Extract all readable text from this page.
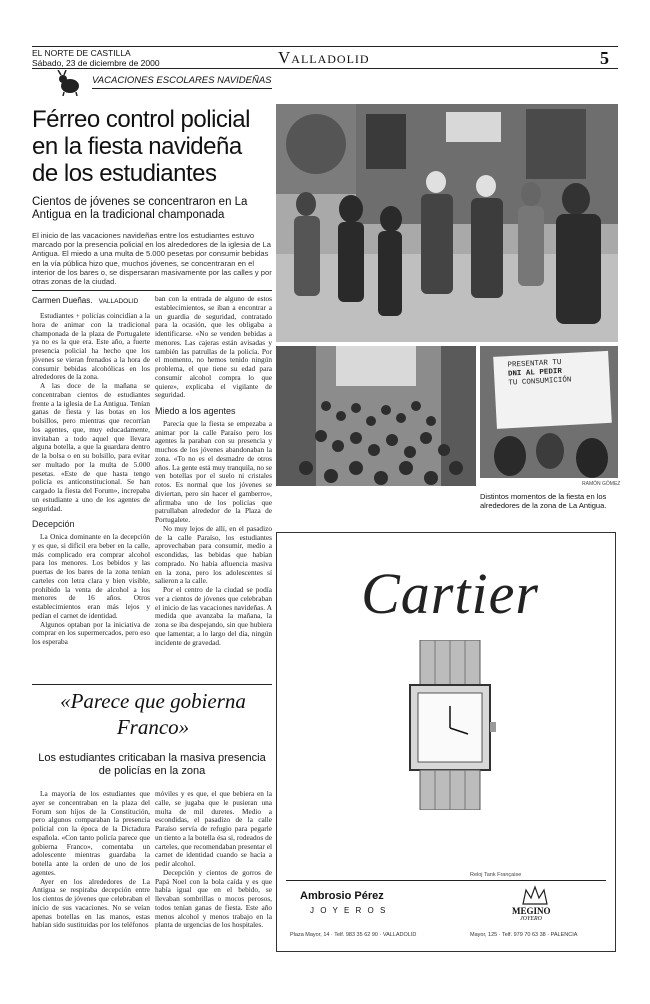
EL NORTE DE CASTILLA
Sábado, 23 de diciembre de 2000	Valladolid	5
VACACIONES ESCOLARES NAVIDEÑAS
Férreo control policial en la fiesta navideña de los estudiantes
Cientos de jóvenes se concentraron en La Antigua en la tradicional champonada
El inicio de las vacaciones navideñas entre los estudiantes estuvo marcado por la presencia policial en los alrededores de la iglesia de La Antigua. El miedo a una multa de 5.000 pesetas por consumir bebidas en la vía pública hizo que, muchos jóvenes, se concentraran en el interior de los bares o, se dispersaran masivamente por las calles y por otras zonas de la ciudad.
Carmen Dueñas. VALLADOLID

Estudiantes + policías coincidían a la hora de animar con la tradicional champonada de la plaza de Portugalete ya no es la que era. Este año, a fuerte presencia policial ha hecho que los jóvenes se vieran frenados a la hora de consumir bebidas alcohólicas en los alrededores de la zona.

A las doce de la mañana se concentraban cientos de estudiantes frente a la iglesia de La Antigua. Tenían ganas de fiesta y las botas en los bolsillos, pero mientras que recorrían los agentes, que, muy educadamente, invitaban a todo aquel que llevara alguna botella, a que la guardara dentro de la bolsa o en su bolsillo, para evitar ser multado por la multa de 5.000 pesetas. «Este de que hasta tengo policía es anticonstitucional. Se han cargado la fiesta del Forum», increpaba un estudiante a uno de los agentes de seguridad.

Decepción

La Onica dominante en la decepción y es que, si difícil era beber en la calle, más complicado era comprar alcohol para los menores. Los bebidos y las puertas de los bares de la zona tenían carteles con letra clara y bien visible, prohibido la venta de alcohol a los menores de 16 años. Otros establecimientos eran más lejos y pedían el carnet de identidad.

Algunos optaban por la iniciativa de comprar en los supermercados, pero eso los esperaba

ban con la entrada de alguno de estos establecimientos, se iban a encontrar a un guardia de seguridad, contratado para la ocasión, que les obligaba a identificarse. «No se venden bebidas a menores. Las cajeras están avisadas y también las patrullas de la policía. Por el momento, no hemos tenido ningún problema, el que tiene su edad para consumir alcohol compra lo que quiere», explicaba el vigilante de seguridad.

Miedo a los agentes

Parecía que la fiesta se empezaba a animar por la calle Paraíso pero los agentes la paraban con su presencia y muchos de los jóvenes abandonaban la zona. «To no es el desmadre de otros años. La gente está muy tranquila, no se ven botellas por el suelo ni cristales rotos. Es normal que los jóvenes se diviertan, pero sin hacer el gamberro», afirmaba uno de los policías que patrullaban alrededor de la Plaza de Portugalete.

No muy lejos de allí, en el pasadizo de la calle Paraíso, los estudiantes aprovechaban para consumir, medio a escondidas, las bebidas que habían comprado. No había afluencia masiva en la zona, pero los adolescentes sí salieron a la calle.

Por el centro de la ciudad se podía ver a cientos de jóvenes que celebraban el inicio de las vacaciones navideñas. A medida que avanzaba la mañana, la zona se iba despejando, sin que hubiera que lamentar, a lo largo del día, ningún incidente de gravedad.

«Parece que gobierna Franco»
Los estudiantes criticaban la masiva presencia de policías en la zona

La mayoría de los estudiantes que ayer se concentraban en la plaza del Forum son hijos de la Constitución, pero algunos comparaban la presencia policial con la época de la Dictadura española. «Con tanto policía parece que gobierna Franco», comentaba un adolescente mientras guardaba la botella ante la orden de uno de los agentes.

Ayer en los alrededores de La Antigua se respiraba decepción entre los cientos de jóvenes que celebraban el inicio de sus vacaciones. No se veían apenas botellas en las manos, estas habían sido sustituidas por los teléfonos

móviles y es que, el que bebiera en la calle, se jugaba que le pusieran una multa de mil duretes. Medio a escondidas, el pasadizo de la calle Paraíso servía de refugio para pegarle un tiento a la botella ésa si, rodeados de carteles, que recomendaban presentar el carnet de identidad cuando se hacía a pedir alcohol.

Decepción y cientos de gorros de Papá Noel con la bola caída y es que había igual que en el bebido, se llevaban sombrillas o mocos perosos, todos tenían ganas de fiesta. Este año menos alcohol y menos trabajo en la planta de urgencias de los hospitales.

PRESENTAR TU
DNI AL PEDIR
TU CONSUMICIÓN
RAMÓN GÓMEZ
Distintos momentos de la fiesta en los alrededores de la zona de La Antigua.
Cartier
Reloj Tank Française
Ambrosio Pérez
J O Y E R O S	MEGINO
JOYERO
Plaza Mayor, 14 · Telf. 983 35 62 90 · VALLADOLID	Mayor, 125 · Telf. 979 70 63 38 · PALENCIA
